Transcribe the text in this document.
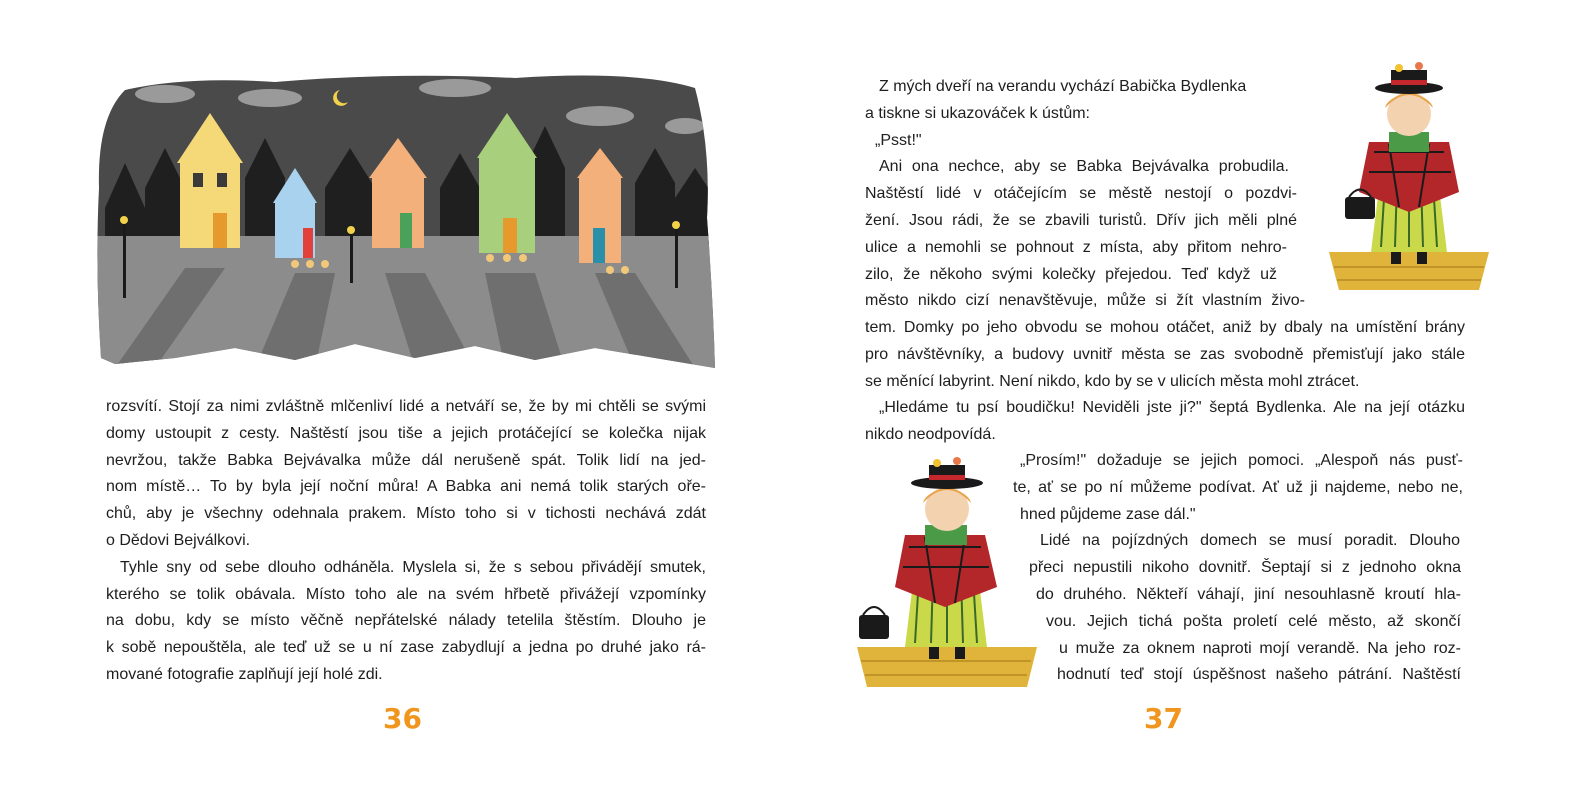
rozsvítí. Stojí za nimi zvláštně mlčenliví lidé a netváří se, že by mi chtěli se svými
domy ustoupit z cesty. Naštěstí jsou tiše a jejich protáčející se kolečka nijak
nevržou, takže Babka Bejvávalka může dál nerušeně spát. Tolik lidí na jed-
nom místě… To by byla její noční můra! A Babka ani nemá tolik starých oře-
chů, aby je všechny odehnala prakem. Místo toho si v tichosti nechává zdát
o Dědovi Bejválkovi.
Tyhle sny od sebe dlouho odháněla. Myslela si, že s sebou přivádějí smutek,
kterého se tolik obávala. Místo toho ale na svém hřbetě přivážejí vzpomínky
na dobu, kdy se místo věčně nepřátelské nálady tetelila štěstím. Dlouho je
k sobě nepouštěla, ale teď už se u ní zase zabydlují a jedna po druhé jako rá-
mované fotografie zaplňují její holé zdi.
36
Z mých dveří na verandu vychází Babička Bydlenka
a tiskne si ukazováček k ústům:
„Psst!"
Ani ona nechce, aby se Babka Bejvávalka probudila.
Naštěstí lidé v otáčejícím se městě nestojí o pozdvi-
žení. Jsou rádi, že se zbavili turistů. Dřív jich měli plné
ulice a nemohli se pohnout z místa, aby přitom nehro-
zilo, že někoho svými kolečky přejedou. Teď když už
město nikdo cizí nenavštěvuje, může si žít vlastním živo-
tem. Domky po jeho obvodu se mohou otáčet, aniž by dbaly na umístění brány
pro návštěvníky, a budovy uvnitř města se zas svobodně přemisťují jako stále
se měnící labyrint. Není nikdo, kdo by se v ulicích města mohl ztrácet.
„Hledáme tu psí boudičku! Neviděli jste ji?" šeptá Bydlenka. Ale na její otázku
nikdo neodpovídá.
„Prosím!" dožaduje se jejich pomoci. „Alespoň nás pusť-
te, ať se po ní můžeme podívat. Ať už ji najdeme, nebo ne,
hned půjdeme zase dál."
Lidé na pojízdných domech se musí poradit. Dlouho
přeci nepustili nikoho dovnitř. Šeptají si z jednoho okna
do druhého. Někteří váhají, jiní nesouhlasně kroutí hla-
vou. Jejich tichá pošta proletí celé město, až skončí
u muže za oknem naproti mojí verandě. Na jeho roz-
hodnutí teď stojí úspěšnost našeho pátrání. Naštěstí
37
